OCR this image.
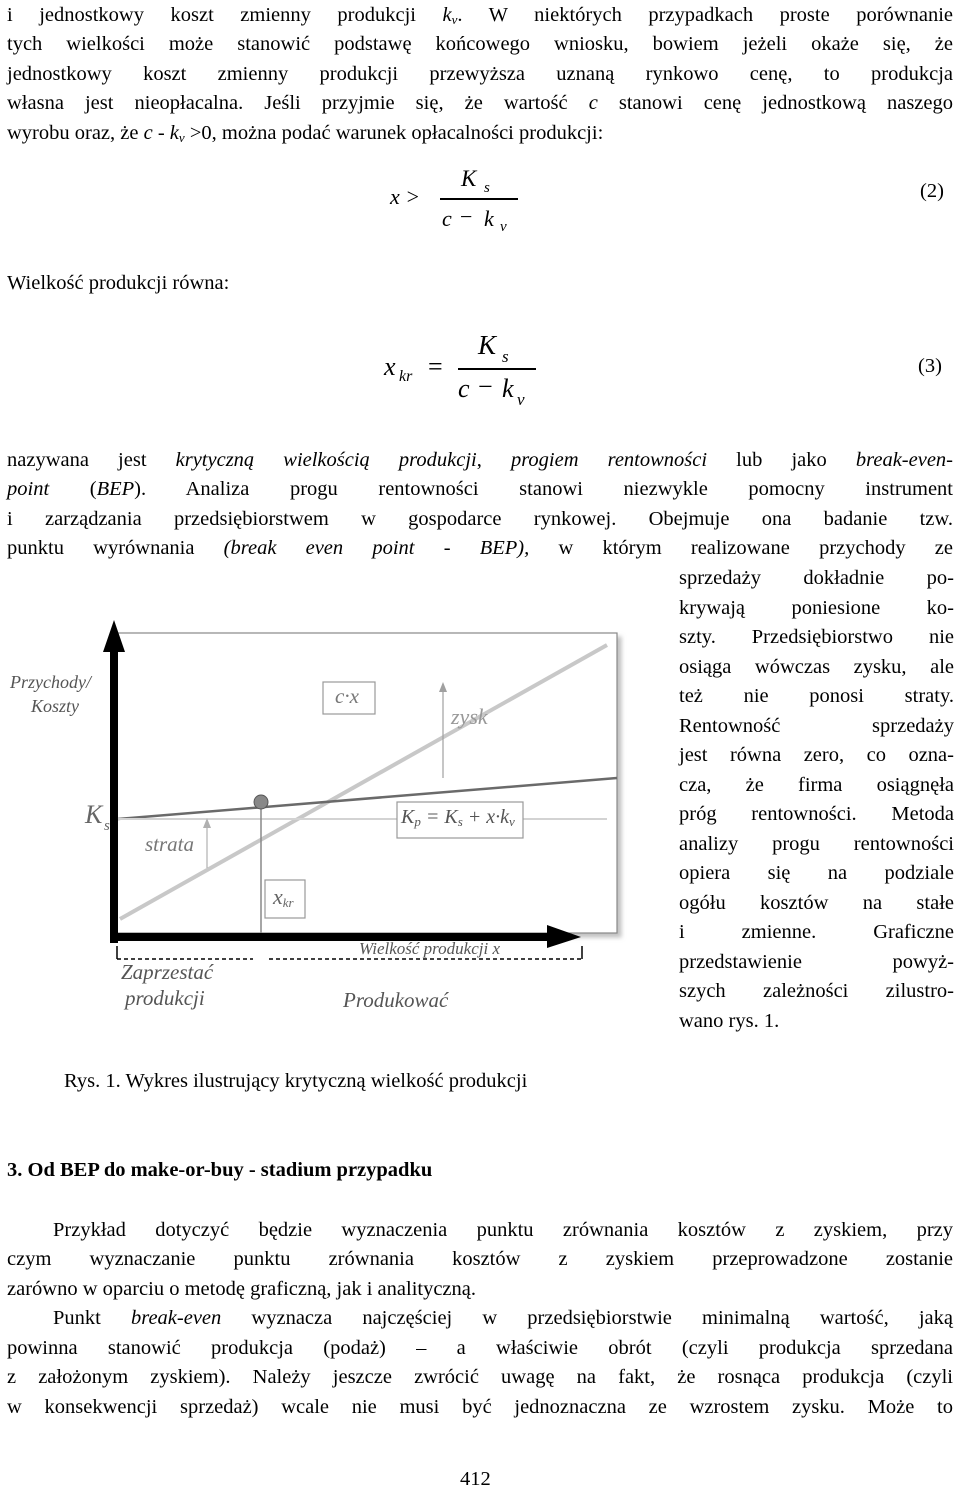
i jednostkowy koszt zmienny produkcji $k_v$. W niektórych przypadkach proste porównanie
tych wielkości może stanowić podstawę końcowego wniosku, bowiem jeżeli okaże się, że
jednostkowy koszt zmienny produkcji przewyższa uznaną rynkowo cenę, to produkcja
własna jest nieopłacalna. Jeśli przyjmie się, że wartość c stanowi cenę jednostkową naszego
wyrobu oraz, że $c - k_v >0$, można podać warunek opłacalności produkcji:
x >
K s
c − k v
(2)
Wielkość produkcji równa:
x kr =
K s
c − k v
(3)
nazywana jest krytyczną wielkością produkcji, progiem rentowności lub jako break-even-
point (BEP). Analiza progu rentowności stanowi niezwykle pomocny instrument
i zarządzania przedsiębiorstwem w gospodarce rynkowej. Obejmuje ona badanie tzw.
punktu wyrównania (break even point - BEP), w którym realizowane przychody ze
sprzedaży dokładnie po-
krywają poniesione ko-
szty. Przedsiębiorstwo nie
osiąga wówczas zysku, ale
też nie ponosi straty.
Rentowność sprzedaży
jest równa zero, co ozna-
cza, że firma osiągnęła
próg rentowności. Metoda
analizy progu rentowności
opiera się na podziale
ogółu kosztów na stałe
i zmienne. Graficzne
przedstawienie powyż-
szych zależności zilustro-
wano rys. 1.
Przychody/
Koszty
K s
c·x
zysk
strata
$K_p = K_s + x\cdot k_v$
$x_{kr}$
Wielkość produkcji x
Zaprzestać
produkcji	Produkować
Rys. 1. Wykres ilustrujący krytyczną wielkość produkcji
3. Od BEP do make-or-buy - stadium przypadku
Przykład dotyczyć będzie wyznaczenia punktu zrównania kosztów z zyskiem, przy
czym wyznaczanie punktu zrównania kosztów z zyskiem przeprowadzone zostanie
zarówno w oparciu o metodę graficzną, jak i analityczną.
Punkt break-even wyznacza najczęściej w przedsiębiorstwie minimalną wartość, jaką
powinna stanowić produkcja (podaż) – a właściwie obrót (czyli produkcja sprzedana
z założonym zyskiem). Należy jeszcze zwrócić uwagę na fakt, że rosnąca produkcja (czyli
w konsekwencji sprzedaż) wcale nie musi być jednoznaczna ze wzrostem zysku. Może to
412
